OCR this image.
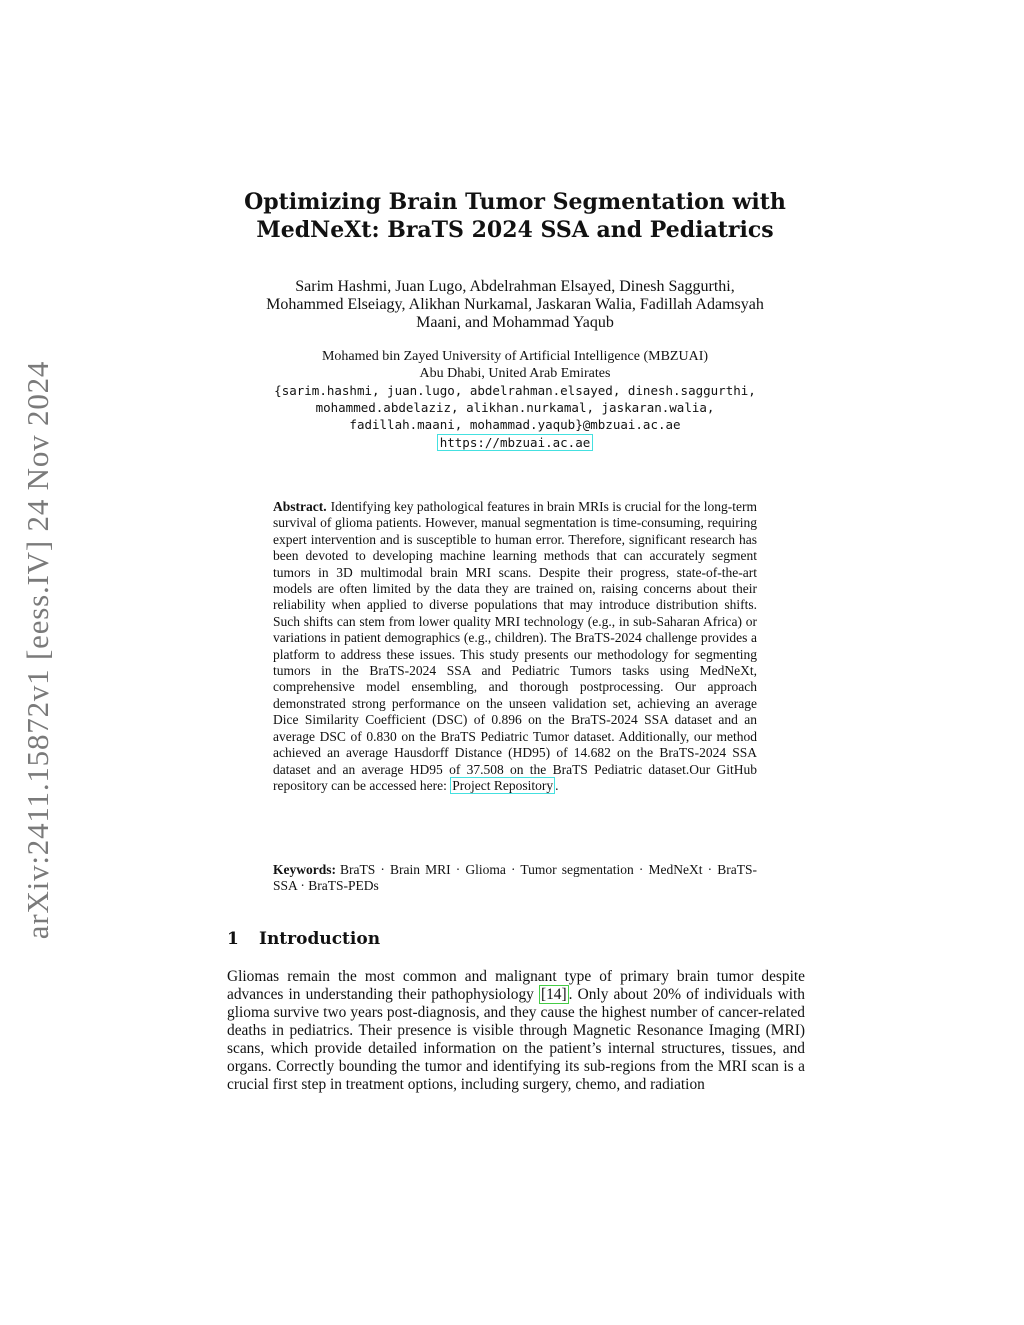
arXiv:2411.15872v1 [eess.IV] 24 Nov 2024
Optimizing Brain Tumor Segmentation with
MedNeXt: BraTS 2024 SSA and Pediatrics
Sarim Hashmi, Juan Lugo, Abdelrahman Elsayed, Dinesh Saggurthi,
Mohammed Elseiagy, Alikhan Nurkamal, Jaskaran Walia, Fadillah Adamsyah
Maani, and Mohammad Yaqub
Mohamed bin Zayed University of Artificial Intelligence (MBZUAI)
Abu Dhabi, United Arab Emirates
{sarim.hashmi, juan.lugo, abdelrahman.elsayed, dinesh.saggurthi,
mohammed.abdelaziz, alikhan.nurkamal, jaskaran.walia,
fadillah.maani, mohammad.yaqub}@mbzuai.ac.ae
https://mbzuai.ac.ae
Abstract. Identifying key pathological features in brain MRIs is crucial for the long-term survival of glioma patients. However, manual segmentation is time-consuming, requiring expert intervention and is susceptible to human error. Therefore, significant research has been devoted to developing machine learning methods that can accurately segment tumors in 3D multimodal brain MRI scans. Despite their progress, state-of-the-art models are often limited by the data they are trained on, raising concerns about their reliability when applied to diverse populations that may introduce distribution shifts. Such shifts can stem from lower quality MRI technology (e.g., in sub-Saharan Africa) or variations in patient demographics (e.g., children). The BraTS-2024 challenge provides a platform to address these issues. This study presents our methodology for segmenting tumors in the BraTS-2024 SSA and Pediatric Tumors tasks using MedNeXt, comprehensive model ensembling, and thorough postprocessing. Our approach demonstrated strong performance on the unseen validation set, achieving an average Dice Similarity Coefficient (DSC) of 0.896 on the BraTS-2024 SSA dataset and an average DSC of 0.830 on the BraTS Pediatric Tumor dataset. Additionally, our method achieved an average Hausdorff Distance (HD95) of 14.682 on the BraTS-2024 SSA dataset and an average HD95 of 37.508 on the BraTS Pediatric dataset.Our GitHub repository can be accessed here: Project Repository .
Keywords: BraTS · Brain MRI · Glioma · Tumor segmentation · MedNeXt · BraTS-SSA · BraTS-PEDs
1 Introduction
Gliomas remain the most common and malignant type of primary brain tumor despite advances in understanding their pathophysiology [14] . Only about 20% of individuals with glioma survive two years post-diagnosis, and they cause the highest number of cancer-related deaths in pediatrics. Their presence is visible through Magnetic Resonance Imaging (MRI) scans, which provide detailed information on the patient’s internal structures, tissues, and organs. Correctly bounding the tumor and identifying its sub-regions from the MRI scan is a crucial first step in treatment options, including surgery, chemo, and radiation
